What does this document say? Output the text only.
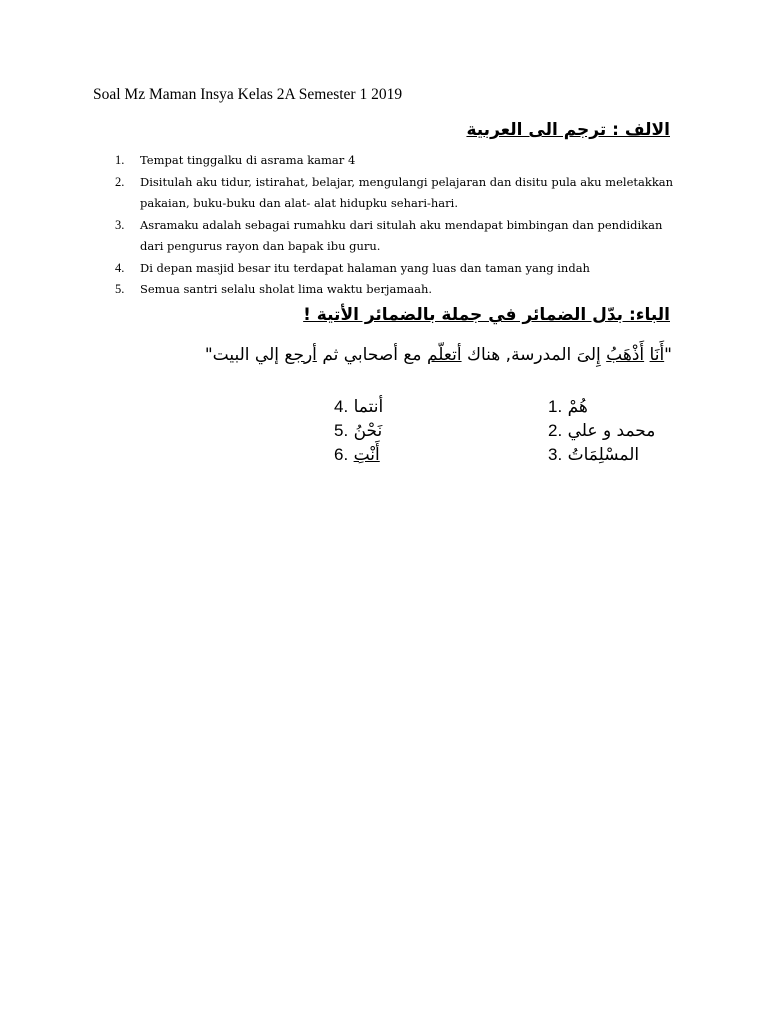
Soal Mz Maman Insya Kelas 2A Semester 1 2019
الالف : ترجم الى العربية
1. Tempat tinggalku di asrama kamar 4
2. Disitulah aku tidur, istirahat, belajar, mengulangi pelajaran dan disitu pula aku meletakkan pakaian, buku-buku dan alat- alat hidupku sehari-hari.
3. Asramaku adalah sebagai rumahku dari situlah aku mendapat bimbingan dan pendidikan dari pengurus rayon dan bapak ibu guru.
4. Di depan masjid besar itu terdapat halaman yang luas dan taman yang indah
5. Semua santri selalu sholat lima waktu berjamaah.
الباء: بدّل الضمائر في جملة بالضمائر الأتية !
"أَنَا أَذْهَبُ إِلىَ المدرسة, هناك أتعلّم مع أصحابي ثم أرجع إلي البيت"
1. هُمْ
2. محمد و علي
3. المسْلِمَاتُ
4. أنتما
5. نَحْنُ
6. أَنْتِ
